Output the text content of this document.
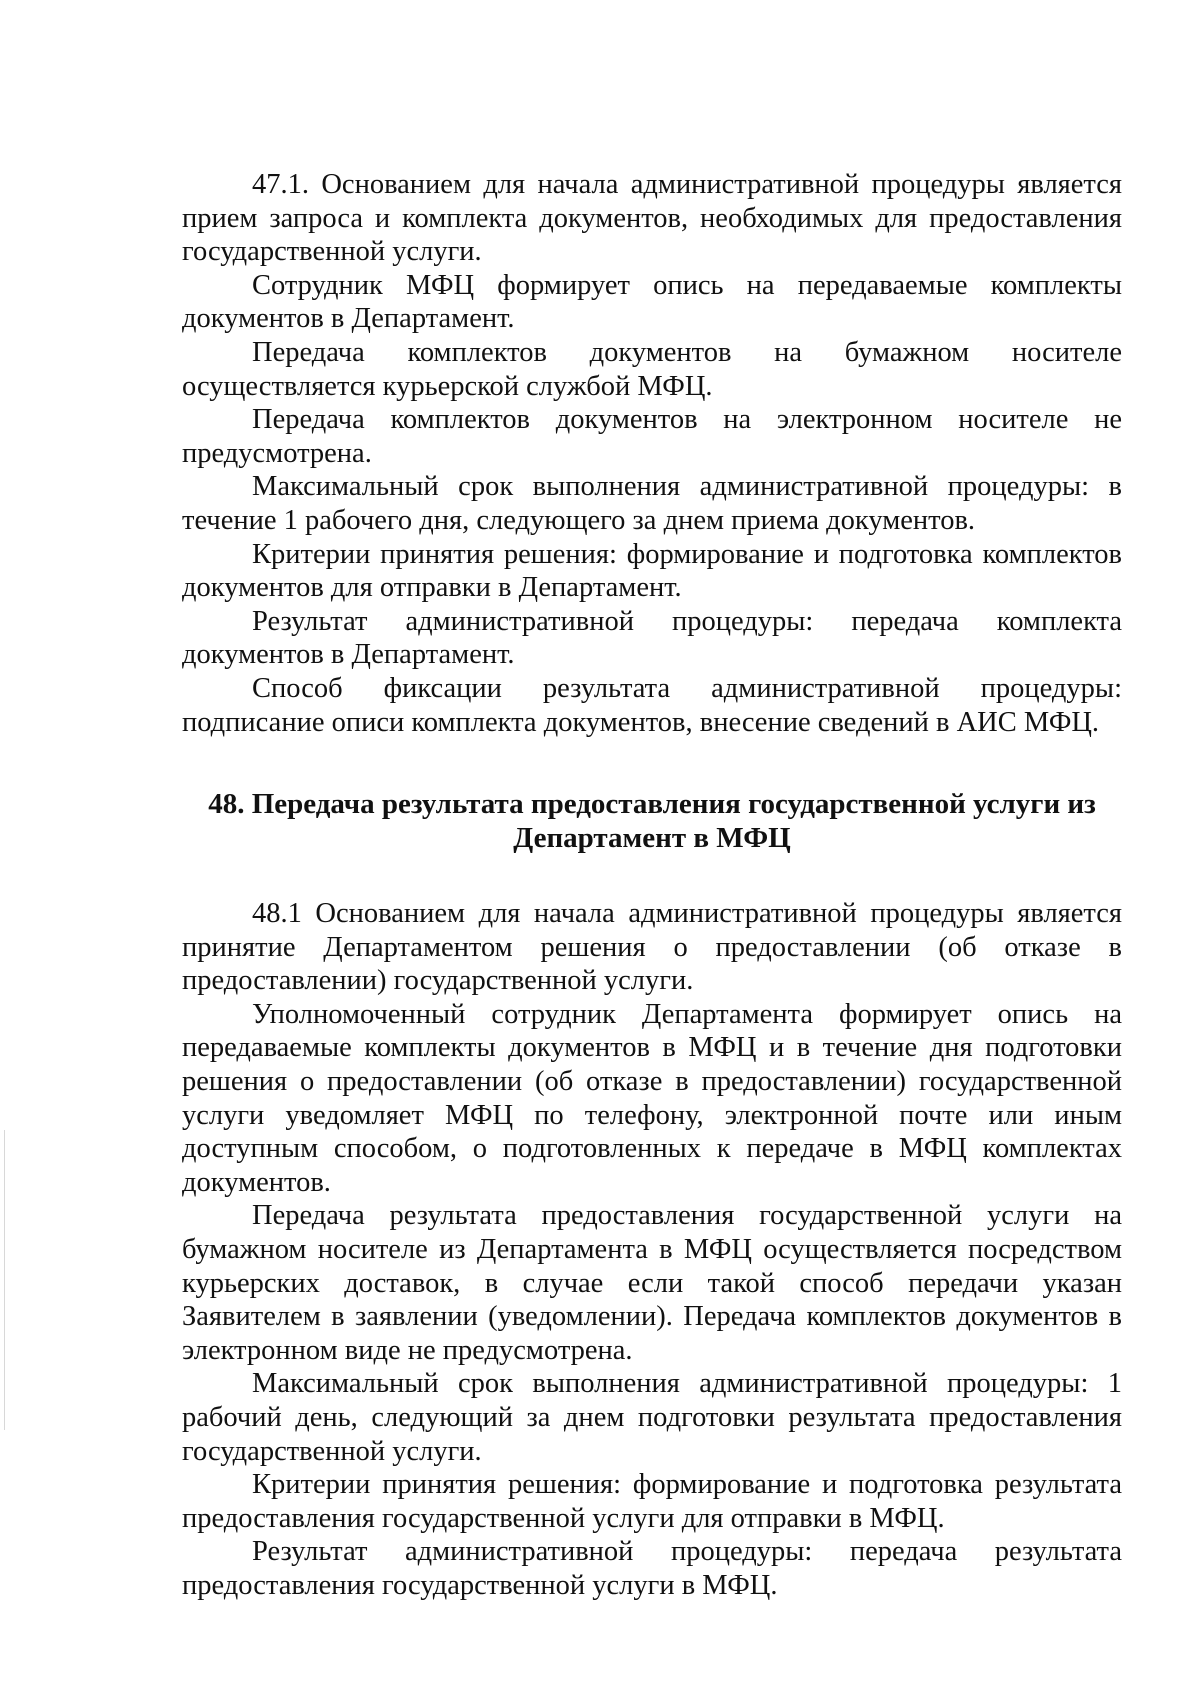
47.1. Основанием для начала административной процедуры является прием запроса и комплекта документов, необходимых для предоставления государственной услуги.

Сотрудник МФЦ формирует опись на передаваемые комплекты документов в Департамент.

Передача комплектов документов на бумажном носителе осуществляется курьерской службой МФЦ.

Передача комплектов документов на электронном носителе не предусмотрена.

Максимальный срок выполнения административной процедуры: в течение 1 рабочего дня, следующего за днем приема документов.

Критерии принятия решения: формирование и подготовка комплектов документов для отправки в Департамент.

Результат административной процедуры: передача комплекта документов в Департамент.

Способ фиксации результата административной процедуры: подписание описи комплекта документов, внесение сведений в АИС МФЦ.

48. Передача результата предоставления государственной услуги из
Департамент в МФЦ

48.1 Основанием для начала административной процедуры является принятие Департаментом решения о предоставлении (об отказе в предоставлении) государственной услуги.

Уполномоченный сотрудник Департамента формирует опись на передаваемые комплекты документов в МФЦ и в течение дня подготовки решения о предоставлении (об отказе в предоставлении) государственной услуги уведомляет МФЦ по телефону, электронной почте или иным доступным способом, о подготовленных к передаче в МФЦ комплектах документов.

Передача результата предоставления государственной услуги на бумажном носителе из Департамента в МФЦ осуществляется посредством курьерских доставок, в случае если такой способ передачи указан Заявителем в заявлении (уведомлении). Передача комплектов документов в электронном виде не предусмотрена.

Максимальный срок выполнения административной процедуры: 1 рабочий день, следующий за днем подготовки результата предоставления государственной услуги.

Критерии принятия решения: формирование и подготовка результата предоставления государственной услуги для отправки в МФЦ.

Результат административной процедуры: передача результата предоставления государственной услуги в МФЦ.
